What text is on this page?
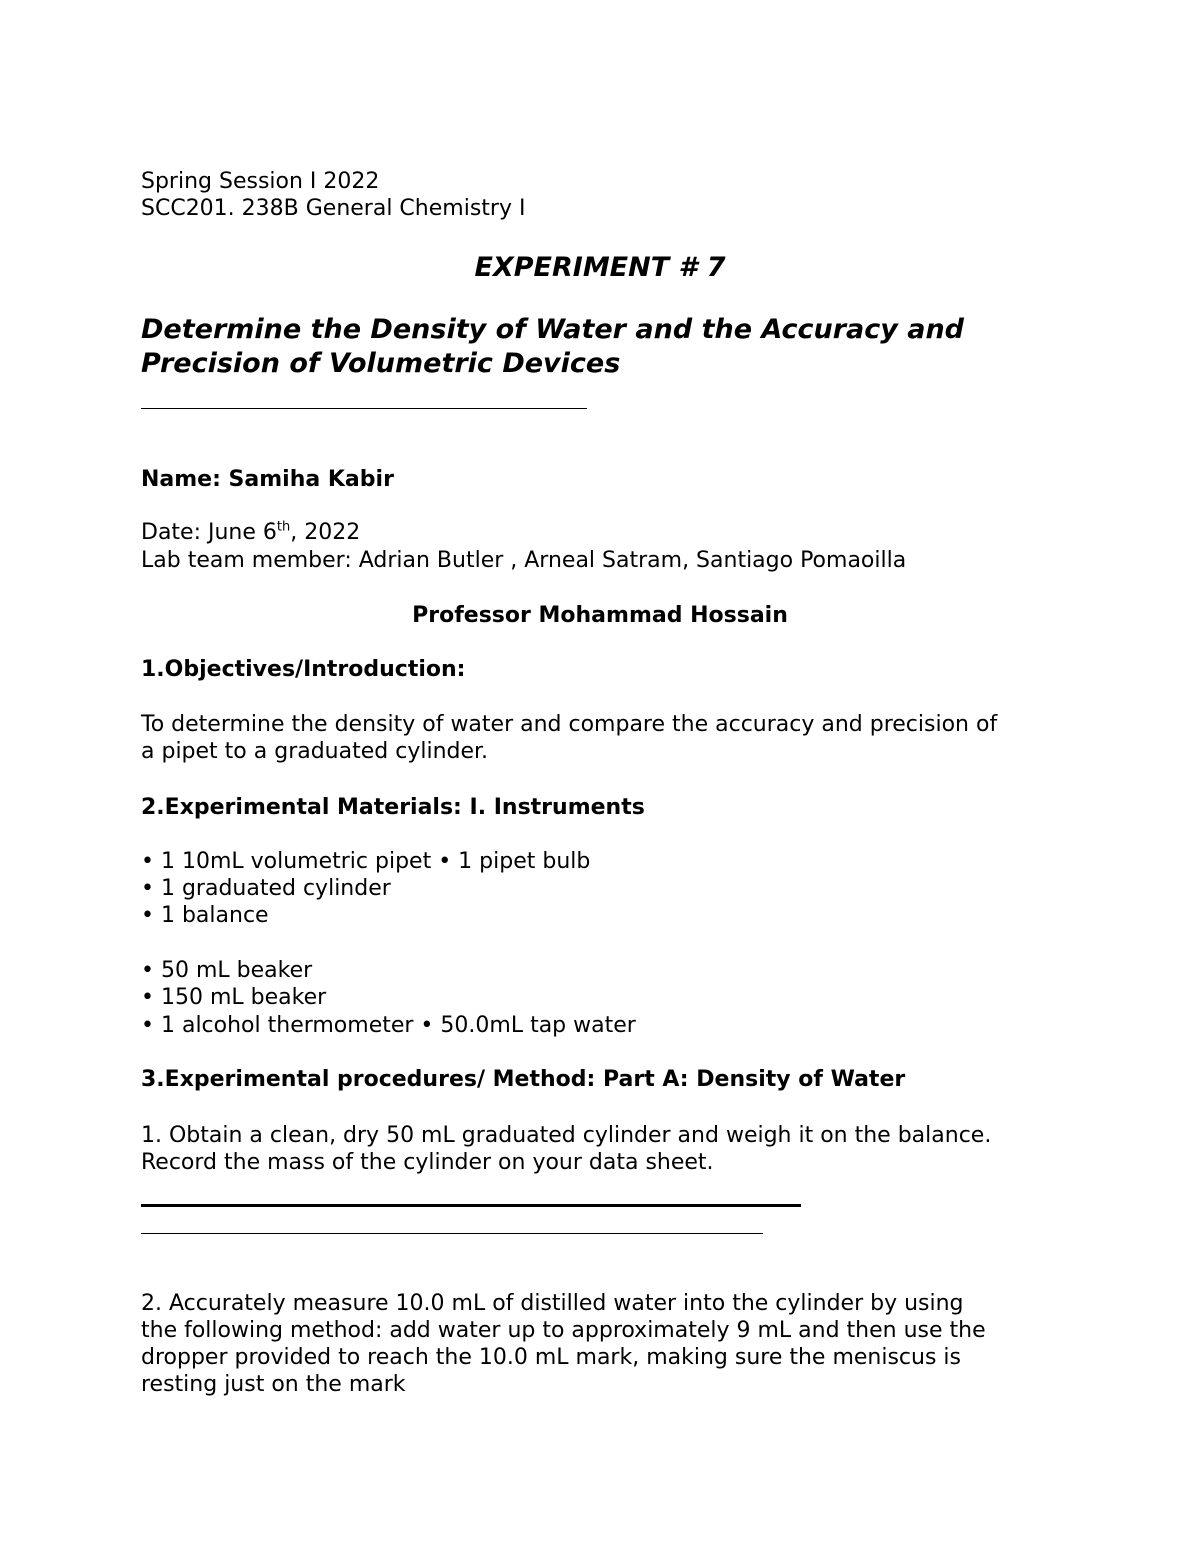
Spring Session I 2022
SCC201. 238B General Chemistry I
EXPERIMENT # 7
Determine the Density of Water and the Accuracy and
Precision of Volumetric Devices
Name: Samiha Kabir
Date: June 6th, 2022
Lab team member: Adrian Butler , Arneal Satram, Santiago Pomaoilla
Professor Mohammad Hossain
1.Objectives/Introduction:
To determine the density of water and compare the accuracy and precision of
a pipet to a graduated cylinder.
2.Experimental Materials: I. Instruments
• 1 10mL volumetric pipet • 1 pipet bulb
• 1 graduated cylinder
• 1 balance
• 50 mL beaker
• 150 mL beaker
• 1 alcohol thermometer • 50.0mL tap water
3.Experimental procedures/ Method: Part A: Density of Water
1. Obtain a clean, dry 50 mL graduated cylinder and weigh it on the balance.
Record the mass of the cylinder on your data sheet.
2. Accurately measure 10.0 mL of distilled water into the cylinder by using
the following method: add water up to approximately 9 mL and then use the
dropper provided to reach the 10.0 mL mark, making sure the meniscus is
resting just on the mark
